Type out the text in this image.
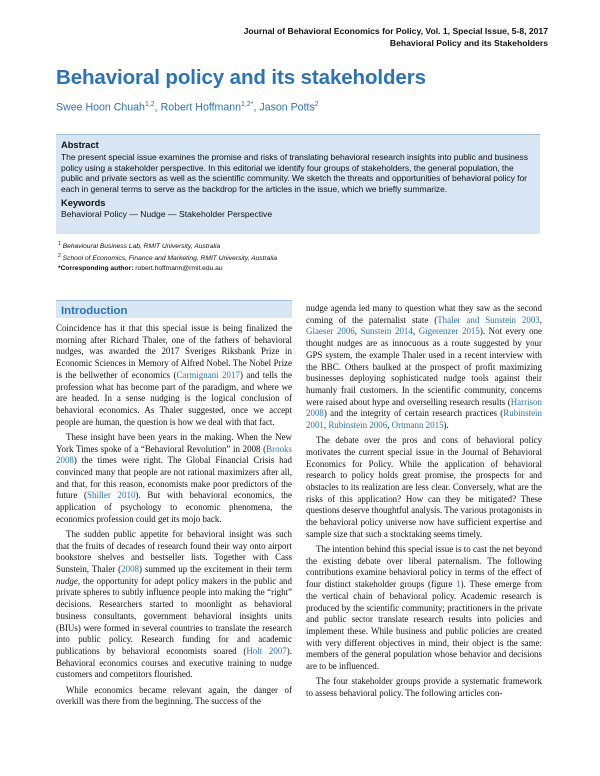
Journal of Behavioral Economics for Policy, Vol. 1, Special Issue, 5-8, 2017
Behavioral Policy and its Stakeholders
Behavioral policy and its stakeholders
Swee Hoon Chuah$^{1,2}$, Robert Hoffmann$^{1,2*}$, Jason Potts$^2$
Abstract
The present special issue examines the promise and risks of translating behavioral research insights into public and business policy using a stakeholder perspective. In this editorial we identify four groups of stakeholders, the general population, the public and private sectors as well as the scientific community. We sketch the threats and opportunities of behavioral policy for each in general terms to serve as the backdrop for the articles in the issue, which we briefly summarize.
Keywords
Behavioral Policy — Nudge — Stakeholder Perspective
$^1$ Behavioural Business Lab, RMIT University, Australia
$^2$ School of Economics, Finance and Marketing, RMIT University, Australia
*Corresponding author: robert.hoffmann@rmit.edu.au
Introduction

Coincidence has it that this special issue is being finalized the morning after Richard Thaler, one of the fathers of behavioral nudges, was awarded the 2017 Sveriges Riksbank Prize in Economic Sciences in Memory of Alfred Nobel. The Nobel Prize is the bellwether of economics (Carmignani 2017) and tells the profession what has become part of the paradigm, and where we are headed. In a sense nudging is the logical conclusion of behavioral economics. As Thaler suggested, once we accept people are human, the question is how we deal with that fact.

These insight have been years in the making. When the New York Times spoke of a “Behavioral Revolution” in 2008 (Brooks 2008) the times were right. The Global Financial Crisis had convinced many that people are not rational maximizers after all, and that, for this reason, economists make poor predictors of the future (Shiller 2010). But with behavioral economics, the application of psychology to economic phenomena, the economics profession could get its mojo back.

The sudden public appetite for behavioral insight was such that the fruits of decades of research found their way onto airport bookstore shelves and bestseller lists. Together with Cass Sunstein, Thaler (2008) summed up the excitement in their term nudge, the opportunity for adept policy makers in the public and private spheres to subtly influence people into making the “right” decisions. Researchers started to moonlight as behavioral business consultants, government behavioral insights units (BIUs) were formed in several countries to translate the research into public policy. Research funding for and academic publications by behavioral economists soared (Holt 2007). Behavioral economics courses and executive training to nudge customers and competitors flourished.

While economics became relevant again, the danger of overkill was there from the beginning. The success of the

nudge agenda led many to question what they saw as the second coming of the paternalist state (Thaler and Sunstein 2003, Glaeser 2006, Sunstein 2014, Gigerenzer 2015). Not every one thought nudges are as innocuous as a route suggested by your GPS system, the example Thaler used in a recent interview with the BBC. Others baulked at the prospect of profit maximizing businesses deploying sophisticated nudge tools against their humanly frail customers. In the scientific community, concerns were raised about hype and overselling research results (Harrison 2008) and the integrity of certain research practices (Rubinstein 2001, Rubinstein 2006, Ortmann 2015).

The debate over the pros and cons of behavioral policy motivates the current special issue in the Journal of Behavioral Economics for Policy. While the application of behavioral research to policy holds great promise, the prospects for and obstacles to its realization are less clear. Conversely, what are the risks of this application? How can they be mitigated? These questions deserve thoughtful analysis. The various protagonists in the behavioral policy universe now have sufficient expertise and sample size that such a stocktaking seems timely.

The intention behind this special issue is to cast the net beyond the existing debate over liberal paternalism. The following contributions examine behavioral policy in terms of the effect of four distinct stakeholder groups (figure 1). These emerge from the vertical chain of behavioral policy. Academic research is produced by the scientific community; practitioners in the private and public sector translate research results into policies and implement these. While business and public policies are created with very different objectives in mind, their object is the same: members of the general population whose behavior and decisions are to be influenced.

The four stakeholder groups provide a systematic framework to assess behavioral policy. The following articles con-
